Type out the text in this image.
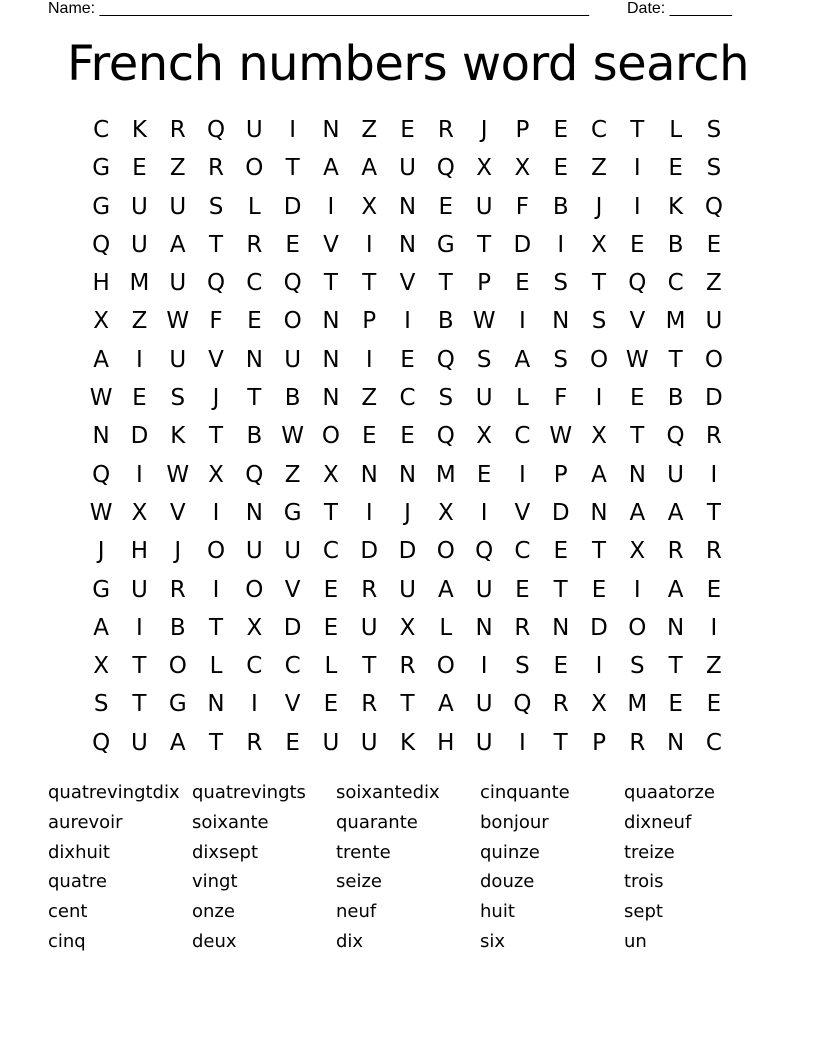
Name: _______________________________________________________ Date: _______
French numbers word search
C K R Q U	I	N Z	E	R	J	P	E C	T	L	S
G E	Z R O T	A A U Q X X	E	Z	I	E	S
G U U S	L	D	I	X N E U	F	B	J	I	K Q
Q U A	T	R	E	V	I	N G T D	I	X	E	B	E
H M U Q C Q T	T	V	T	P	E	S	T Q C Z
X Z W F	E O N P	I	B W	I	N S	V M U
A	I	U V N U N	I	E Q S	A	S O W T O
W E	S	J	T	B N Z C S U	L	F	I	E	B D
N D K	T	B W O E	E Q X C W X	T Q R
Q	I	W X Q Z X N N M E	I	P	A N U	I
W X V	I	N G T	I	J	X	I	V D N A A	T
J	H	J	O U U C D D O Q C	E	T	X R R
G U R	I	O V	E	R U A U E	T	E	I	A	E
A	I	B	T	X D E U X	L	N R N D O N	I
X	T O L	C C	L	T	R O	I	S	E	I	S	T	Z
S	T G N	I	V	E	R	T	A U Q R X M E	E
Q U A	T	R	E U U K H U	I	T	P	R N C
quatrevingtdix quatrevingts	soixantedix	cinquante	quaatorze
aurevoir	soixante	quarante	bonjour	dixneuf
dixhuit	dixsept	trente	quinze	treize
quatre	vingt	seize	douze	trois
cent	onze	neuf	huit	sept
cinq	deux	dix	six	un
